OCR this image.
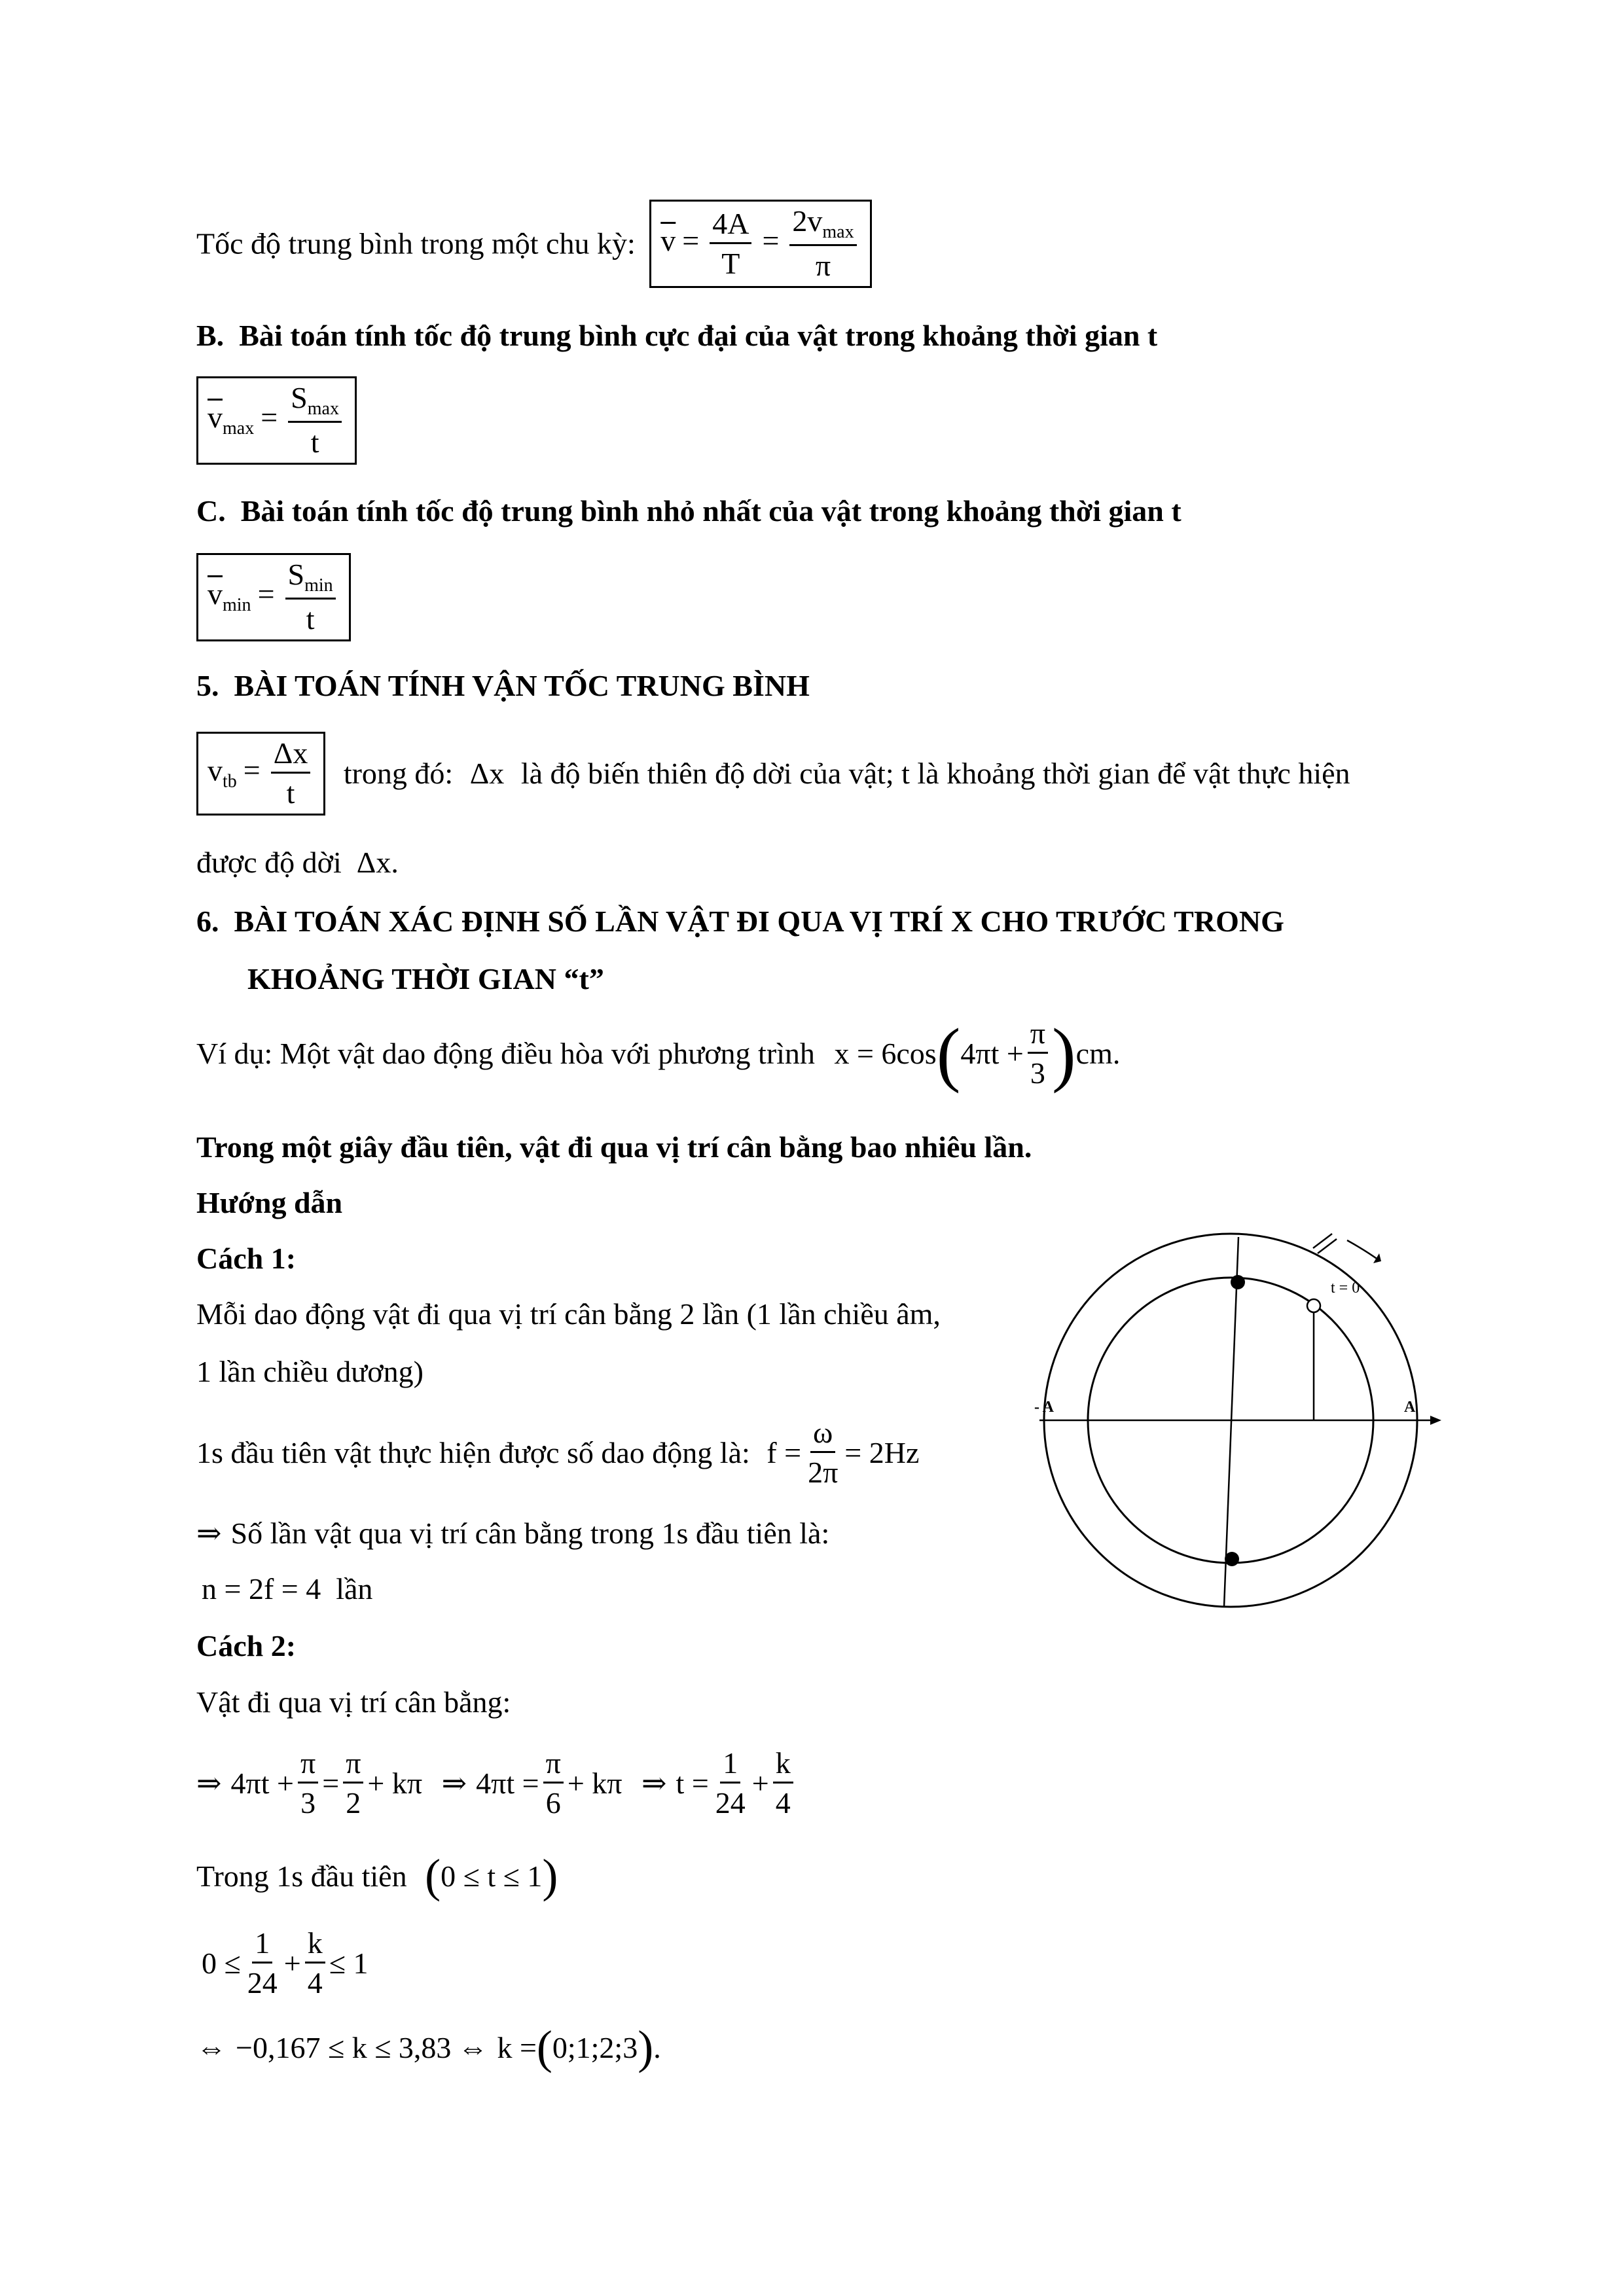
Tốc độ trung bình trong một chu kỳ: $\overline{v} = \frac{4A}{T} = \frac{2v_{max}}{\pi}$
B. Bài toán tính tốc độ trung bình cực đại của vật trong khoảng thời gian t
$\overline{v}_{max} = \frac{S_{max}}{t}$
C. Bài toán tính tốc độ trung bình nhỏ nhất của vật trong khoảng thời gian t
$\overline{v}_{min} = \frac{S_{min}}{t}$
5. BÀI TOÁN TÍNH VẬN TỐC TRUNG BÌNH
$v_{tb} = \frac{\Delta x}{t}$ trong đó: Δx là độ biến thiên độ dời của vật; t là khoảng thời gian để vật thực hiện
được độ dời Δx.
6. BÀI TOÁN XÁC ĐỊNH SỐ LẦN VẬT ĐI QUA VỊ TRÍ X CHO TRƯỚC TRONG
KHOẢNG THỜI GIAN “t”
Ví dụ: Một vật dao động điều hòa với phương trình $x = 6\cos(4\pi t + \frac{\pi}{3} )cm$.
Trong một giây đầu tiên, vật đi qua vị trí cân bằng bao nhiêu lần.
Hướng dẫn
Cách 1:
Mỗi dao động vật đi qua vị trí cân bằng 2 lần (1 lần chiều âm,
1 lần chiều dương)
1s đầu tiên vật thực hiện được số dao động là: $f = \frac{\omega}{2\pi} = 2Hz$
⇒ Số lần vật qua vị trí cân bằng trong 1s đầu tiên là:
n = 2f = 4 lần
Cách 2:
Vật đi qua vị trí cân bằng:
⇒ $4\pi t + \frac{\pi}{3} = \frac{\pi}{2} + k\pi$ ⇒ $4\pi t = \frac{\pi}{6} + k\pi$ ⇒ $t = \frac{1}{24} + \frac{k}{4}$
Trong 1s đầu tiên (0 ≤ t ≤ 1)
$0 \le \frac{1}{24} + \frac{k}{4} \le 1$
⇔ −0,167 ≤ k ≤ 3,83 ⇔ k =(0;1;2;3).
t = 0
- A	A
